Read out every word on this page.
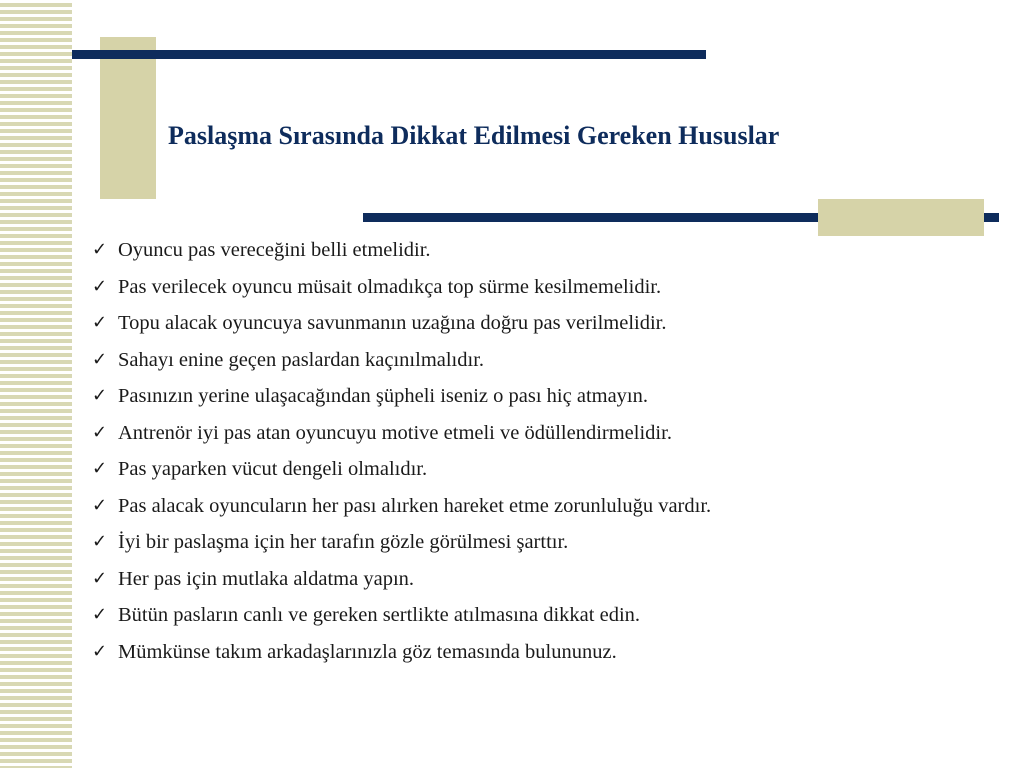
Paslaşma Sırasında Dikkat Edilmesi Gereken Hususlar
✓ Oyuncu pas vereceğini belli etmelidir.
✓ Pas verilecek oyuncu müsait olmadıkça top sürme kesilmemelidir.
✓ Topu alacak oyuncuya savunmanın uzağına doğru pas verilmelidir.
✓ Sahayı enine geçen paslardan kaçınılmalıdır.
✓ Pasınızın yerine ulaşacağından şüpheli iseniz o pası hiç atmayın.
✓ Antrenör iyi pas atan oyuncuyu motive etmeli ve ödüllendirmelidir.
✓ Pas yaparken vücut dengeli olmalıdır.
✓ Pas alacak oyuncuların her pası alırken hareket etme zorunluluğu vardır.
✓ İyi bir paslaşma için her tarafın gözle görülmesi şarttır.
✓ Her pas için mutlaka aldatma yapın.
✓ Bütün pasların canlı ve gereken sertlikte atılmasına dikkat edin.
✓ Mümkünse takım arkadaşlarınızla göz temasında bulununuz.
